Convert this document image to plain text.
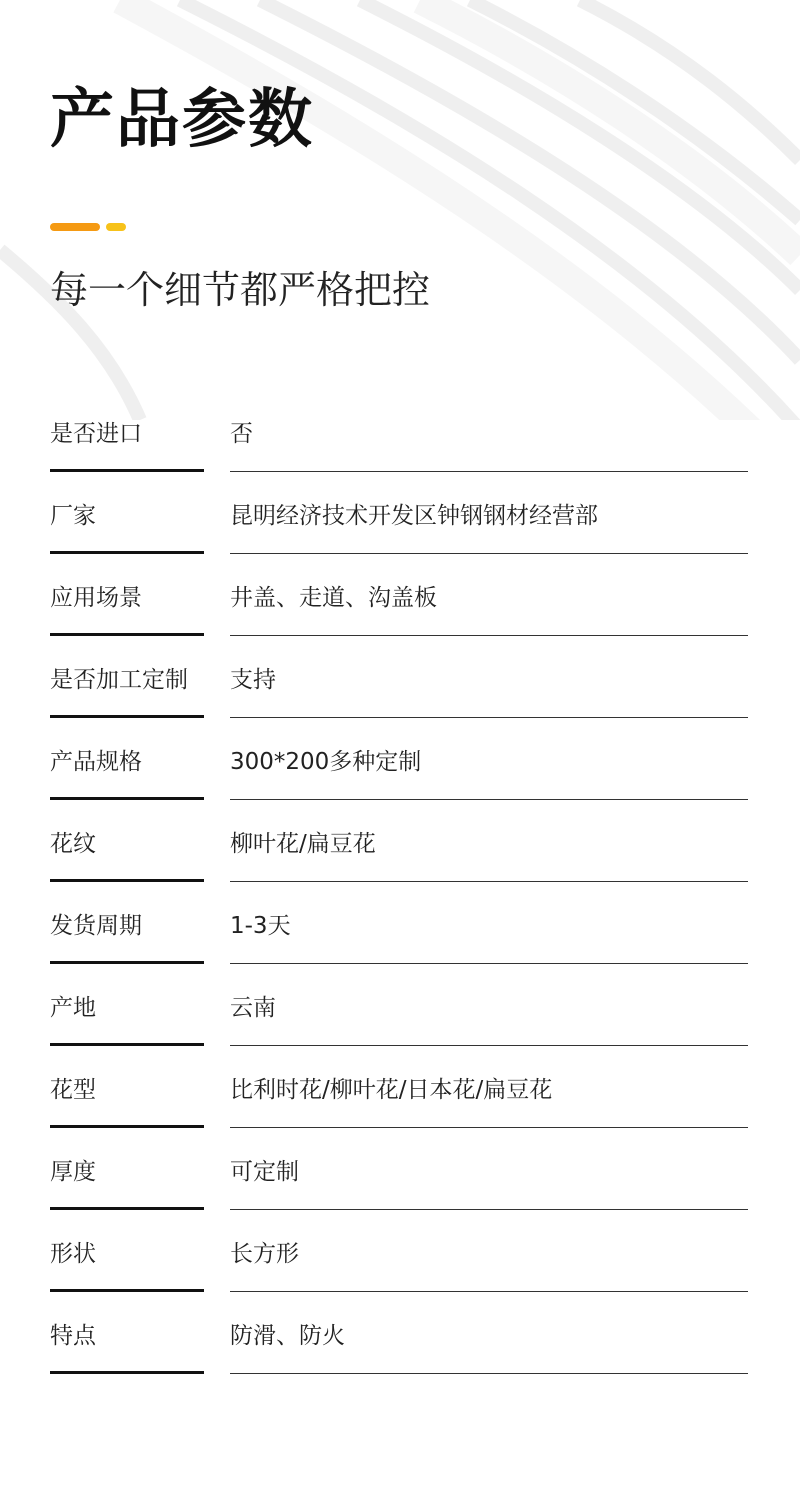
产品参数
每一个细节都严格把控
是否进口	否
厂家	昆明经济技术开发区钟钢钢材经营部
应用场景	井盖、走道、沟盖板
是否加工定制 支持
产品规格	300*200多种定制
花纹	柳叶花/扁豆花
发货周期	1-3天
产地	云南
花型	比利时花/柳叶花/日本花/扁豆花
厚度	可定制
形状	长方形
特点	防滑、防火
